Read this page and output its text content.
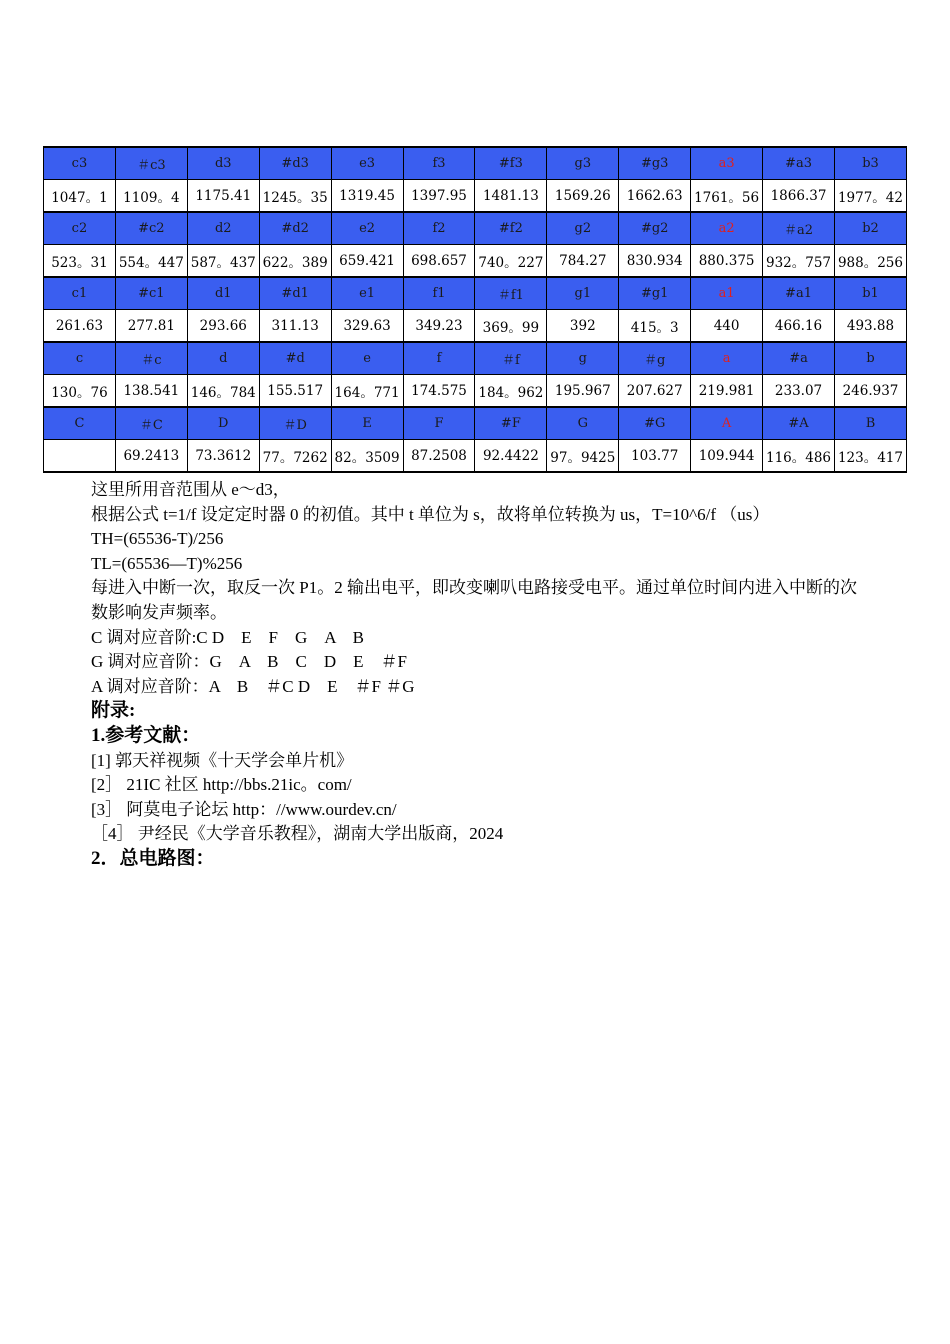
c3	＃c3	d3	#d3	e3	f3	#f3	g3	#g3	a3	#a3	b3
1047。1	1109。4	1175.41	1245。35	1319.45	1397.95	1481.13	1569.26	1662.63	1761。56	1866.37	1977。42
c2	#c2	d2	#d2	e2	f2	#f2	g2	#g2	a2	＃a2	b2
523。31	554。447	587。437	622。389	659.421	698.657	740。227	784.27	830.934	880.375	932。757	988。256
c1	#c1	d1	#d1	e1	f1	＃f1	g1	#g1	a1	#a1	b1
261.63	277.81	293.66	311.13	329.63	349.23	369。99	392	415。3	440	466.16	493.88
c	＃c	d	#d	e	f	＃f	g	＃g	a	#a	b
130。76	138.541	146。784	155.517	164。771	174.575	184。962	195.967	207.627	219.981	233.07	246.937
C	＃C	D	＃D	E	F	#F	G	#G	A	#A	B
	69.2413	73.3612	77。7262	82。3509	87.2508	92.4422	97。9425	103.77	109.944	116。486	123。417

这里所用音范围从 e～d3，

根据公式 t=1/f 设定定时器 0 的初值。其中 t 单位为 s，故将单位转换为 us，T=10^6/f （us）

TH=(65536-T)/256

TL=(65536—T)%256

每进入中断一次，取反一次 P1。2 输出电平，即改变喇叭电路接受电平。通过单位时间内进入中断的次数影响发声频率。

C 调对应音阶:C D　E　F　G　A　B

G 调对应音阶：G　A　B　C　D　E　＃F

A 调对应音阶：A　B　＃C D　E　＃F ＃G

附录:

1.参考文献：

[1] 郭天祥视频《十天学会单片机》

[2］ 21IC 社区 http://bbs.21ic。com/

[3］ 阿莫电子论坛 http：//www.ourdev.cn/

［4］ 尹经民《大学音乐教程》，湖南大学出版商，2024

2．总电路图：
